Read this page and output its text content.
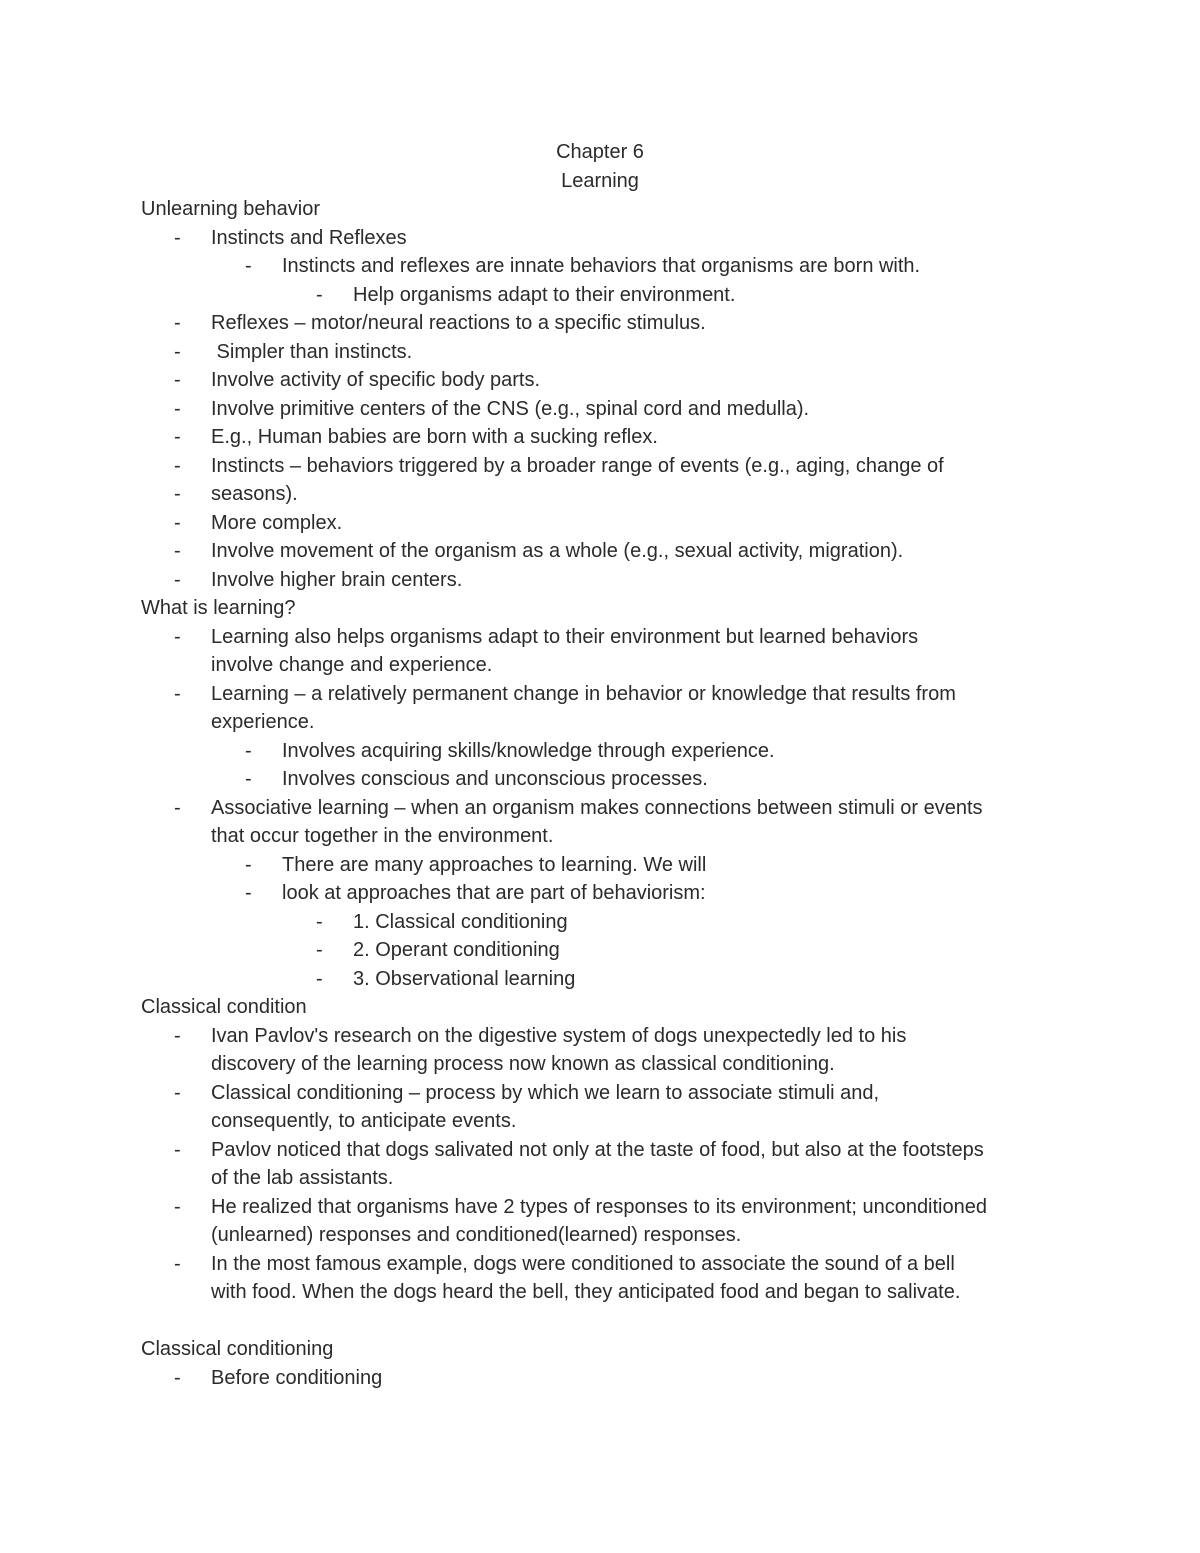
Chapter 6
Learning
Unlearning behavior
- Instincts and Reflexes
- Instincts and reflexes are innate behaviors that organisms are born with.
- Help organisms adapt to their environment.
- Reflexes – motor/neural reactions to a specific stimulus.
- Simpler than instincts.
- Involve activity of specific body parts.
- Involve primitive centers of the CNS (e.g., spinal cord and medulla).
- E.g., Human babies are born with a sucking reflex.
- Instincts – behaviors triggered by a broader range of events (e.g., aging, change of
- seasons).
- More complex.
- Involve movement of the organism as a whole (e.g., sexual activity, migration).
- Involve higher brain centers.
What is learning?
- Learning also helps organisms adapt to their environment but learned behaviors
involve change and experience.
- Learning – a relatively permanent change in behavior or knowledge that results from
experience.
- Involves acquiring skills/knowledge through experience.
- Involves conscious and unconscious processes.
- Associative learning – when an organism makes connections between stimuli or events
that occur together in the environment.
- There are many approaches to learning. We will
- look at approaches that are part of behaviorism:
- 1. Classical conditioning
- 2. Operant conditioning
- 3. Observational learning
Classical condition
- Ivan Pavlov's research on the digestive system of dogs unexpectedly led to his
discovery of the learning process now known as classical conditioning.
- Classical conditioning – process by which we learn to associate stimuli and,
consequently, to anticipate events.
- Pavlov noticed that dogs salivated not only at the taste of food, but also at the footsteps
of the lab assistants.
- He realized that organisms have 2 types of responses to its environment; unconditioned
(unlearned) responses and conditioned(learned) responses.
- In the most famous example, dogs were conditioned to associate the sound of a bell
with food. When the dogs heard the bell, they anticipated food and began to salivate.
Classical conditioning
- Before conditioning
